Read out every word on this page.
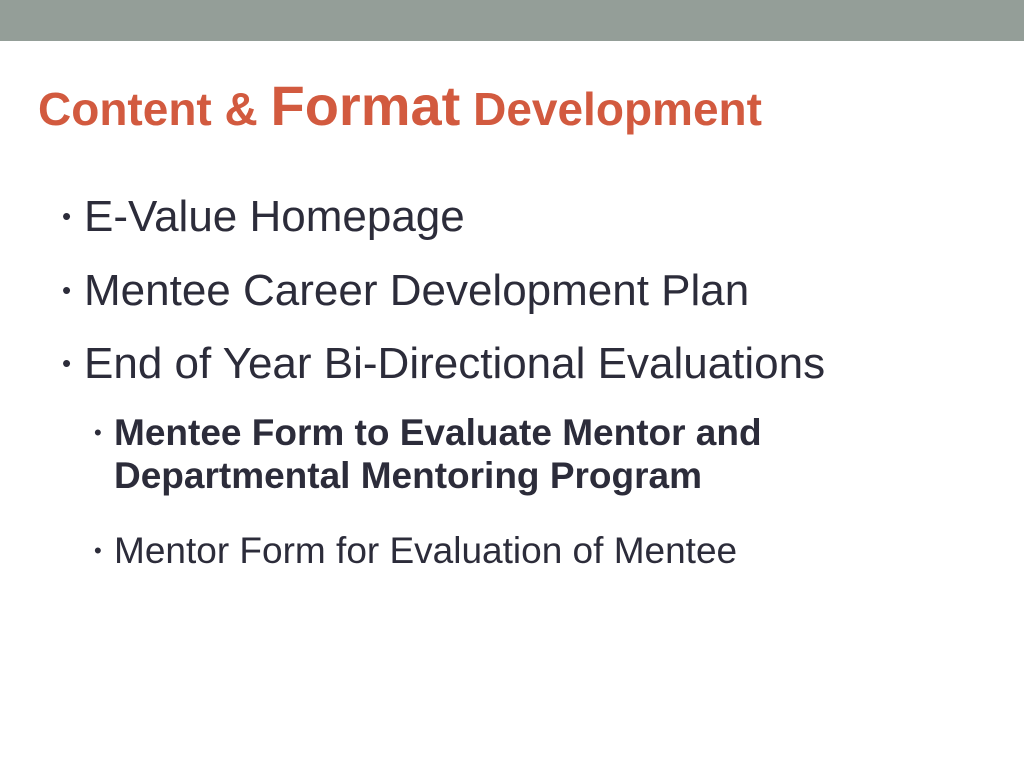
Content & Format Development
• E-Value Homepage
• Mentee Career Development Plan
• End of Year Bi-Directional Evaluations
• Mentee Form to Evaluate Mentor and
Departmental Mentoring Program
• Mentor Form for Evaluation of Mentee
